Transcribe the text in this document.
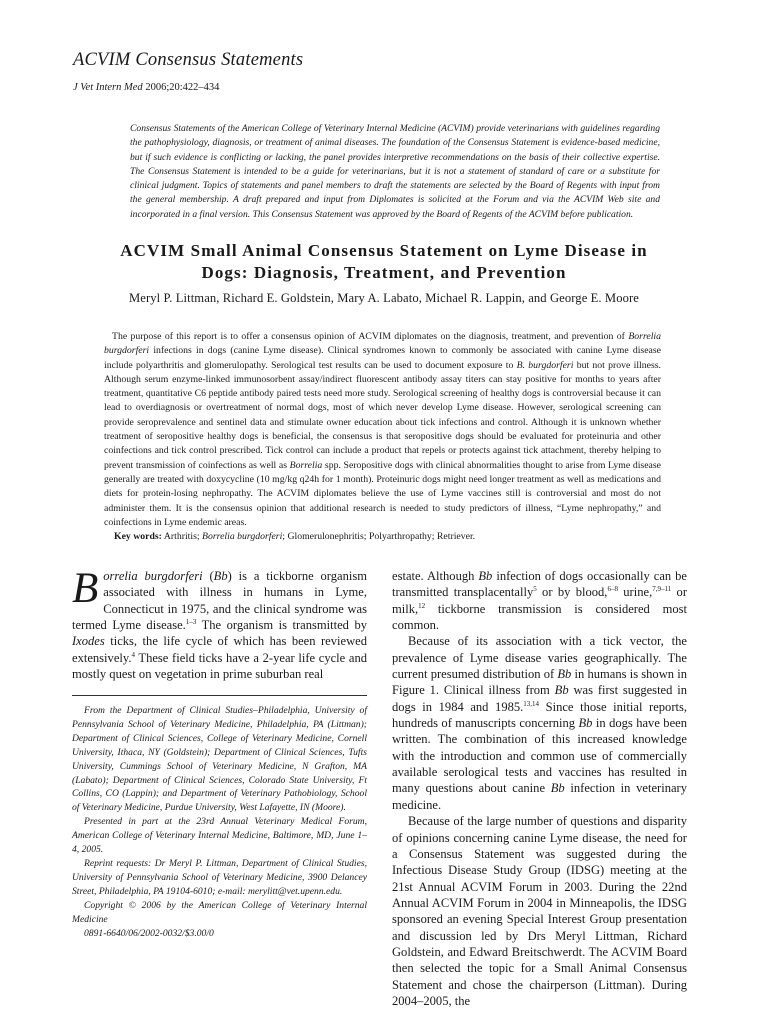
ACVIM Consensus Statements
J Vet Intern Med 2006;20:422–434
Consensus Statements of the American College of Veterinary Internal Medicine (ACVIM) provide veterinarians with guidelines regarding the pathophysiology, diagnosis, or treatment of animal diseases. The foundation of the Consensus Statement is evidence-based medicine, but if such evidence is conflicting or lacking, the panel provides interpretive recommendations on the basis of their collective expertise. The Consensus Statement is intended to be a guide for veterinarians, but it is not a statement of standard of care or a substitute for clinical judgment. Topics of statements and panel members to draft the statements are selected by the Board of Regents with input from the general membership. A draft prepared and input from Diplomates is solicited at the Forum and via the ACVIM Web site and incorporated in a final version. This Consensus Statement was approved by the Board of Regents of the ACVIM before publication.
ACVIM Small Animal Consensus Statement on Lyme Disease in
Dogs: Diagnosis, Treatment, and Prevention
Meryl P. Littman, Richard E. Goldstein, Mary A. Labato, Michael R. Lappin, and George E. Moore

The purpose of this report is to offer a consensus opinion of ACVIM diplomates on the diagnosis, treatment, and prevention of Borrelia burgdorferi infections in dogs (canine Lyme disease). Clinical syndromes known to commonly be associated with canine Lyme disease include polyarthritis and glomerulopathy. Serological test results can be used to document exposure to B. burgdorferi but not prove illness. Although serum enzyme-linked immunosorbent assay/indirect fluorescent antibody assay titers can stay positive for months to years after treatment, quantitative C6 peptide antibody paired tests need more study. Serological screening of healthy dogs is controversial because it can lead to overdiagnosis or overtreatment of normal dogs, most of which never develop Lyme disease. However, serological screening can provide seroprevalence and sentinel data and stimulate owner education about tick infections and control. Although it is unknown whether treatment of seropositive healthy dogs is beneficial, the consensus is that seropositive dogs should be evaluated for proteinuria and other coinfections and tick control prescribed. Tick control can include a product that repels or protects against tick attachment, thereby helping to prevent transmission of coinfections as well as Borrelia spp. Seropositive dogs with clinical abnormalities thought to arise from Lyme disease generally are treated with doxycycline (10 mg/kg q24h for 1 month). Proteinuric dogs might need longer treatment as well as medications and diets for protein-losing nephropathy. The ACVIM diplomates believe the use of Lyme vaccines still is controversial and most do not administer them. It is the consensus opinion that additional research is needed to study predictors of illness, “Lyme nephropathy,” and coinfections in Lyme endemic areas.

Key words: Arthritis; Borrelia burgdorferi; Glomerulonephritis; Polyarthropathy; Retriever.

Borrelia burgdorferi (Bb) is a tickborne organism associated with illness in humans in Lyme, Connecticut in 1975, and the clinical syndrome was termed Lyme disease.$^{1-3}$ The organism is transmitted by Ixodes ticks, the life cycle of which has been reviewed extensively.$^4$ These field ticks have a 2-year life cycle and mostly quest on vegetation in prime suburban real

From the Department of Clinical Studies–Philadelphia, University of Pennsylvania School of Veterinary Medicine, Philadelphia, PA (Littman); Department of Clinical Sciences, College of Veterinary Medicine, Cornell University, Ithaca, NY (Goldstein); Department of Clinical Sciences, Tufts University, Cummings School of Veterinary Medicine, N Grafton, MA (Labato); Department of Clinical Sciences, Colorado State University, Ft Collins, CO (Lappin); and Department of Veterinary Pathobiology, School of Veterinary Medicine, Purdue University, West Lafayette, IN (Moore).

Presented in part at the 23rd Annual Veterinary Medical Forum, American College of Veterinary Internal Medicine, Baltimore, MD, June 1–4, 2005.

Reprint requests: Dr Meryl P. Littman, Department of Clinical Studies, University of Pennsylvania School of Veterinary Medicine, 3900 Delancey Street, Philadelphia, PA 19104-6010; e-mail: merylitt@vet.upenn.edu.

Copyright © 2006 by the American College of Veterinary Internal Medicine

0891-6640/06/2002-0032/$3.00/0

estate. Although Bb infection of dogs occasionally can be transmitted transplacentally$^5$ or by blood,$^{6-8}$ urine,$^{7,9-11}$ or milk,$^{12}$ tickborne transmission is considered most common.

Because of its association with a tick vector, the prevalence of Lyme disease varies geographically. The current presumed distribution of Bb in humans is shown in Figure 1. Clinical illness from Bb was first suggested in dogs in 1984 and 1985.$^{13,14}$ Since those initial reports, hundreds of manuscripts concerning Bb in dogs have been written. The combination of this increased knowledge with the introduction and common use of commercially available serological tests and vaccines has resulted in many questions about canine Bb infection in veterinary medicine.

Because of the large number of questions and disparity of opinions concerning canine Lyme disease, the need for a Consensus Statement was suggested during the Infectious Disease Study Group (IDSG) meeting at the 21st Annual ACVIM Forum in 2003. During the 22nd Annual ACVIM Forum in 2004 in Minneapolis, the IDSG sponsored an evening Special Interest Group presentation and discussion led by Drs Meryl Littman, Richard Goldstein, and Edward Breitschwerdt. The ACVIM Board then selected the topic for a Small Animal Consensus Statement and chose the chairperson (Littman). During 2004–2005, the
